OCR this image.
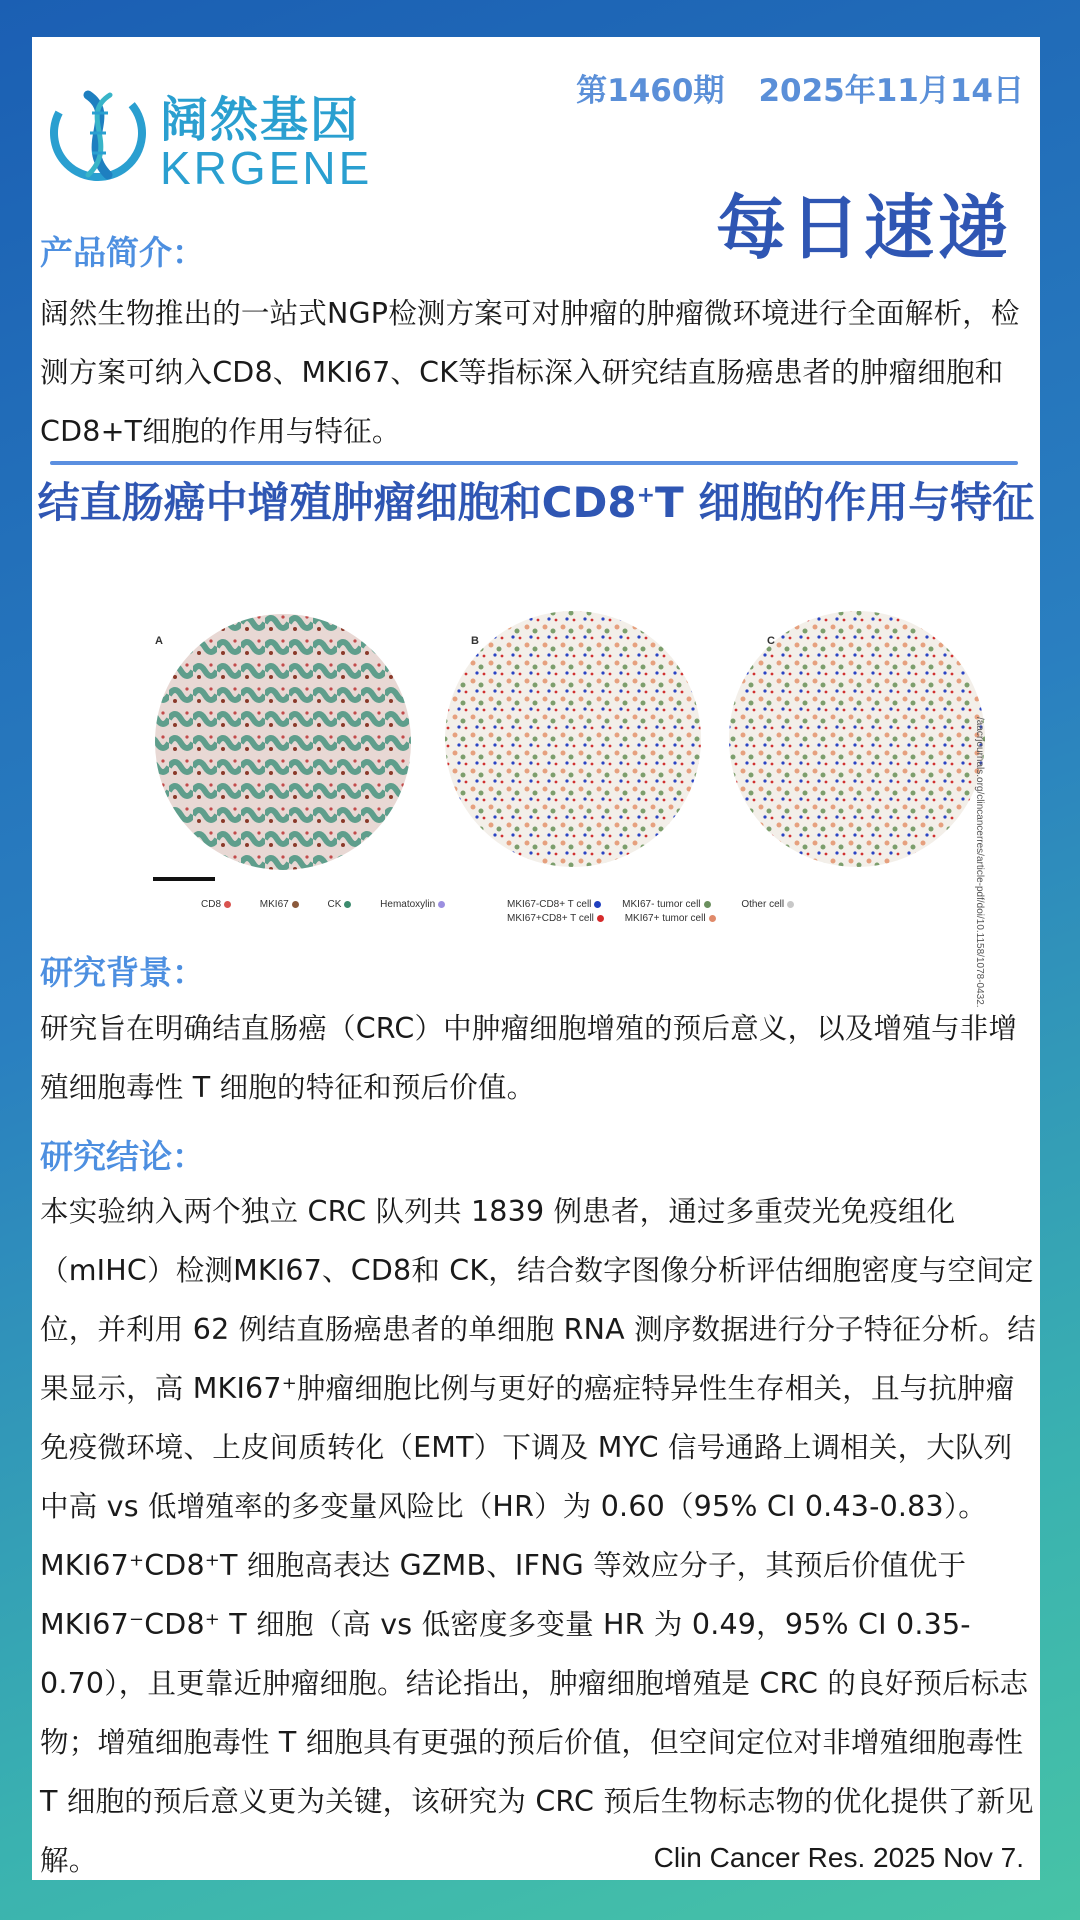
阔然基因
KRGENE
第1460期 2025年11月14日
每日速递
产品简介：
阔然生物推出的一站式NGP检测方案可对肿瘤的肿瘤微环境进行全面解析，检测方案可纳入CD8、MKI67、CK等指标深入研究结直肠癌患者的肿瘤细胞和CD8+T细胞的作用与特征。
结直肠癌中增殖肿瘤细胞和CD8+T 细胞的作用与特征
A	B	C
CD8	MKI67	CK	Hematoxylin	MKI67-CD8+ T cell	MKI67- tumor cell	Other cell
MKI67+CD8+ T cell	MKI67+ tumor cell	/aacrjournals.org/clincancerres/article-pdf/doi/10.1158/1078-0432.
研究背景：
研究旨在明确结直肠癌（CRC）中肿瘤细胞增殖的预后意义，以及增殖与非增殖细胞毒性 T 细胞的特征和预后价值。
研究结论：
本实验纳入两个独立 CRC 队列共 1839 例患者，通过多重荧光免疫组化（mIHC）检测MKI67、CD8和 CK，结合数字图像分析评估细胞密度与空间定位，并利用 62 例结直肠癌患者的单细胞 RNA 测序数据进行分子特征分析。结果显示，高 MKI67⁺肿瘤细胞比例与更好的癌症特异性生存相关，且与抗肿瘤免疫微环境、上皮间质转化（EMT）下调及 MYC 信号通路上调相关，大队列中高 vs 低增殖率的多变量风险比（HR）为 0.60（95% CI 0.43-0.83）。MKI67⁺CD8⁺T 细胞高表达 GZMB、IFNG 等效应分子，其预后价值优于 MKI67⁻CD8⁺ T 细胞（高 vs 低密度多变量 HR 为 0.49，95% CI 0.35-0.70），且更靠近肿瘤细胞。结论指出，肿瘤细胞增殖是 CRC 的良好预后标志物；增殖细胞毒性 T 细胞具有更强的预后价值，但空间定位对非增殖细胞毒性 T 细胞的预后意义更为关键，该研究为 CRC 预后生物标志物的优化提供了新见解。	Clin Cancer Res. 2025 Nov 7.
